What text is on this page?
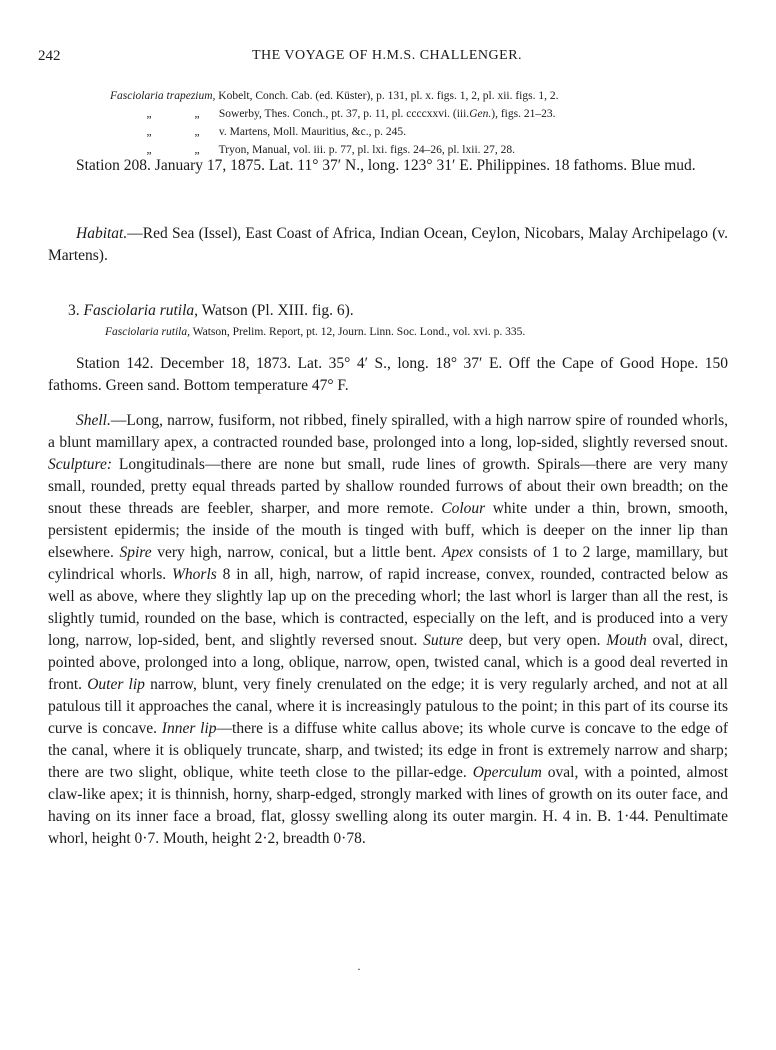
242	THE VOYAGE OF H.M.S. CHALLENGER.
Fasciolaria trapezium, Kobelt, Conch. Cab. (ed. Küster), p. 131, pl. x. figs. 1, 2, pl. xii. figs. 1, 2.
„	„ Sowerby, Thes. Conch., pt. 37, p. 11, pl. ccccxxvi. (iii.Gen.), figs. 21–23.
„	„ v. Martens, Moll. Mauritius, &c., p. 245.
„	„ Tryon, Manual, vol. iii. p. 77, pl. lxi. figs. 24–26, pl. lxii. 27, 28.

Station 208. January 17, 1875. Lat. 11° 37′ N., long. 123° 31′ E. Philippines. 18 fathoms. Blue mud.

Habitat.—Red Sea (Issel), East Coast of Africa, Indian Ocean, Ceylon, Nicobars, Malay Archipelago (v. Martens).

3. Fasciolaria rutila, Watson (Pl. XIII. fig. 6).
Fasciolaria rutila, Watson, Prelim. Report, pt. 12, Journ. Linn. Soc. Lond., vol. xvi. p. 335.

Station 142. December 18, 1873. Lat. 35° 4′ S., long. 18° 37′ E. Off the Cape of Good Hope. 150 fathoms. Green sand. Bottom temperature 47° F.

Shell.—Long, narrow, fusiform, not ribbed, finely spiralled, with a high narrow spire of rounded whorls, a blunt mamillary apex, a contracted rounded base, prolonged into a long, lop-sided, slightly reversed snout. Sculpture: Longitudinals—there are none but small, rude lines of growth. Spirals—there are very many small, rounded, pretty equal threads parted by shallow rounded furrows of about their own breadth; on the snout these threads are feebler, sharper, and more remote. Colour white under a thin, brown, smooth, persistent epidermis; the inside of the mouth is tinged with buff, which is deeper on the inner lip than elsewhere. Spire very high, narrow, conical, but a little bent. Apex consists of 1 to 2 large, mamillary, but cylindrical whorls. Whorls 8 in all, high, narrow, of rapid increase, convex, rounded, contracted below as well as above, where they slightly lap up on the preceding whorl; the last whorl is larger than all the rest, is slightly tumid, rounded on the base, which is contracted, especially on the left, and is produced into a very long, narrow, lop-sided, bent, and slightly reversed snout. Suture deep, but very open. Mouth oval, direct, pointed above, prolonged into a long, oblique, narrow, open, twisted canal, which is a good deal reverted in front. Outer lip narrow, blunt, very finely crenulated on the edge; it is very regularly arched, and not at all patulous till it approaches the canal, where it is increasingly patulous to the point; in this part of its course its curve is concave. Inner lip—there is a diffuse white callus above; its whole curve is concave to the edge of the canal, where it is obliquely truncate, sharp, and twisted; its edge in front is extremely narrow and sharp; there are two slight, oblique, white teeth close to the pillar-edge. Operculum oval, with a pointed, almost claw-like apex; it is thinnish, horny, sharp-edged, strongly marked with lines of growth on its outer face, and having on its inner face a broad, flat, glossy swelling along its outer margin. H. 4 in. B. 1·44. Penultimate whorl, height 0·7. Mouth, height 2·2, breadth 0·78.

·
